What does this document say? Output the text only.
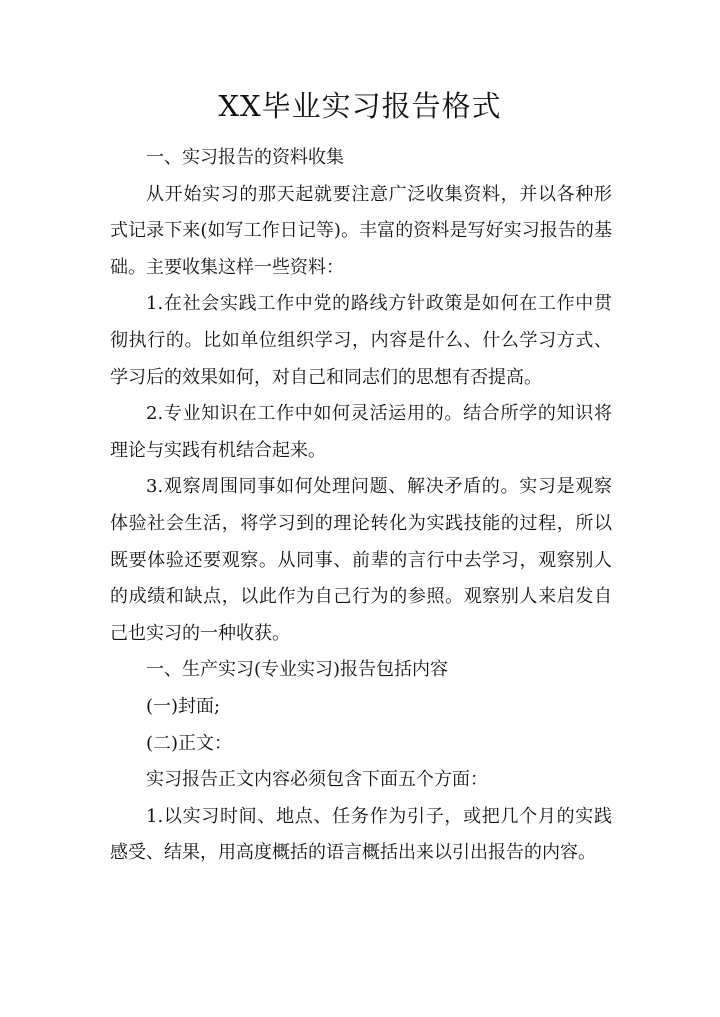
XX毕业实习报告格式

一、实习报告的资料收集

从开始实习的那天起就要注意广泛收集资料，并以各种形式记录下来(如写工作日记等)。丰富的资料是写好实习报告的基础。主要收集这样一些资料：

1.在社会实践工作中党的路线方针政策是如何在工作中贯彻执行的。比如单位组织学习，内容是什么、什么学习方式、学习后的效果如何，对自己和同志们的思想有否提高。

2.专业知识在工作中如何灵活运用的。结合所学的知识将理论与实践有机结合起来。

3.观察周围同事如何处理问题、解决矛盾的。实习是观察体验社会生活，将学习到的理论转化为实践技能的过程，所以既要体验还要观察。从同事、前辈的言行中去学习，观察别人的成绩和缺点，以此作为自己行为的参照。观察别人来启发自己也实习的一种收获。

一、生产实习(专业实习)报告包括内容

(一)封面;

(二)正文：

实习报告正文内容必须包含下面五个方面：

1.以实习时间、地点、任务作为引子，或把几个月的实践感受、结果，用高度概括的语言概括出来以引出报告的内容。
